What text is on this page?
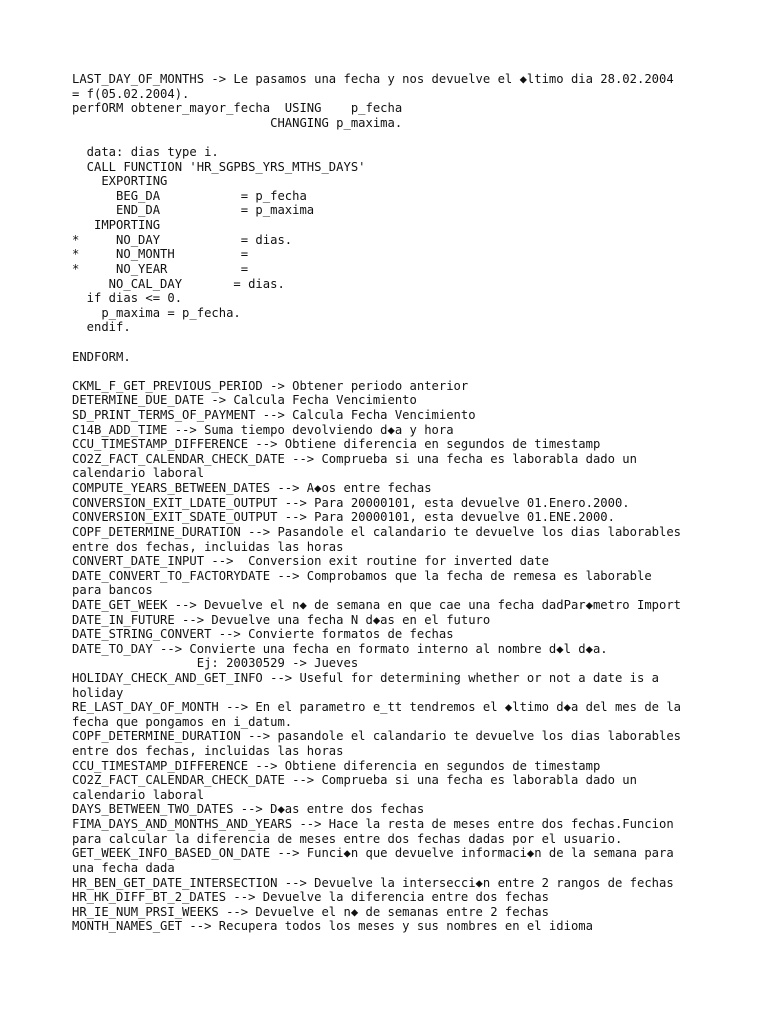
LAST_DAY_OF_MONTHS -> Le pasamos una fecha y nos devuelve el ◆ltimo dia 28.02.2004
= f(05.02.2004).
perfORM obtener_mayor_fecha  USING    p_fecha
CHANGING p_maxima.
data: dias type i.
CALL FUNCTION 'HR_SGPBS_YRS_MTHS_DAYS'
EXPORTING
BEG_DA           = p_fecha
END_DA           = p_maxima
IMPORTING
*     NO_DAY           = dias.
*     NO_MONTH         =
*     NO_YEAR          =
NO_CAL_DAY       = dias.
if dias <= 0.
p_maxima = p_fecha.
endif.
ENDFORM.
CKML_F_GET_PREVIOUS_PERIOD -> Obtener periodo anterior
DETERMINE_DUE_DATE -> Calcula Fecha Vencimiento
SD_PRINT_TERMS_OF_PAYMENT --> Calcula Fecha Vencimiento
C14B_ADD_TIME --> Suma tiempo devolviendo d◆a y hora
CCU_TIMESTAMP_DIFFERENCE --> Obtiene diferencia en segundos de timestamp
CO2Z_FACT_CALENDAR_CHECK_DATE --> Comprueba si una fecha es laborabla dado un
calendario laboral
COMPUTE_YEARS_BETWEEN_DATES --> A◆os entre fechas
CONVERSION_EXIT_LDATE_OUTPUT --> Para 20000101, esta devuelve 01.Enero.2000.
CONVERSION_EXIT_SDATE_OUTPUT --> Para 20000101, esta devuelve 01.ENE.2000.
COPF_DETERMINE_DURATION --> Pasandole el calandario te devuelve los dias laborables
entre dos fechas, incluidas las horas
CONVERT_DATE_INPUT -->  Conversion exit routine for inverted date
DATE_CONVERT_TO_FACTORYDATE --> Comprobamos que la fecha de remesa es laborable
para bancos
DATE_GET_WEEK --> Devuelve el n◆ de semana en que cae una fecha dadPar◆metro Import
DATE_IN_FUTURE --> Devuelve una fecha N d◆as en el futuro
DATE_STRING_CONVERT --> Convierte formatos de fechas
DATE_TO_DAY --> Convierte una fecha en formato interno al nombre d◆l d◆a.
Ej: 20030529 -> Jueves
HOLIDAY_CHECK_AND_GET_INFO --> Useful for determining whether or not a date is a
holiday
RE_LAST_DAY_OF_MONTH --> En el parametro e_tt tendremos el ◆ltimo d◆a del mes de la
fecha que pongamos en i_datum.
COPF_DETERMINE_DURATION --> pasandole el calandario te devuelve los dias laborables
entre dos fechas, incluidas las horas
CCU_TIMESTAMP_DIFFERENCE --> Obtiene diferencia en segundos de timestamp
CO2Z_FACT_CALENDAR_CHECK_DATE --> Comprueba si una fecha es laborabla dado un
calendario laboral
DAYS_BETWEEN_TWO_DATES --> D◆as entre dos fechas
FIMA_DAYS_AND_MONTHS_AND_YEARS --> Hace la resta de meses entre dos fechas.Funcion
para calcular la diferencia de meses entre dos fechas dadas por el usuario.
GET_WEEK_INFO_BASED_ON_DATE --> Funci◆n que devuelve informaci◆n de la semana para
una fecha dada
HR_BEN_GET_DATE_INTERSECTION --> Devuelve la intersecci◆n entre 2 rangos de fechas
HR_HK_DIFF_BT_2_DATES --> Devuelve la diferencia entre dos fechas
HR_IE_NUM_PRSI_WEEKS --> Devuelve el n◆ de semanas entre 2 fechas
MONTH_NAMES_GET --> Recupera todos los meses y sus nombres en el idioma
